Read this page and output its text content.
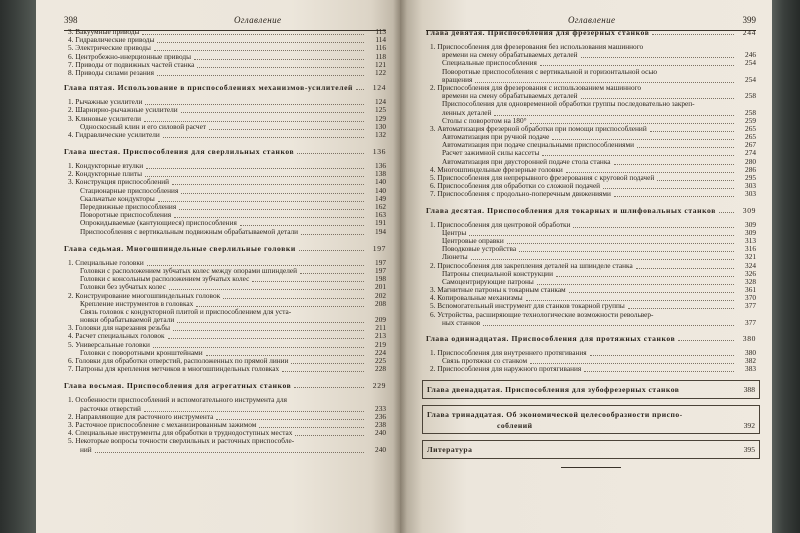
398	Оглавление
3. Вакуумные приводы	113
4. Гидравлические приводы	114
5. Электрические приводы	116
6. Центробежно-инерционные приводы	118
7. Приводы от подвижных частей станка	121
8. Приводы силами резания	122
Глава пятая. Использование в приспособлениях механизмов-усилителей	124
1. Рычажные усилители	124
2. Шарнирно-рычажные усилители	125
3. Клиновые усилители	129
Односкосный клин и его силовой расчет	130
4. Гидравлические усилители	132
Глава шестая. Приспособления для сверлильных станков	136
1. Кондукторные втулки	136
2. Кондукторные плиты	138
3. Конструкция приспособлений	140
Стационарные приспособления	140
Скальчатые кондукторы	149
Передвижные приспособления	162
Поворотные приспособления	163
Опрокидываемые (кантующиеся) приспособления	191
Приспособления с вертикальным подвижным обрабатываемой детали	194
Глава седьмая. Многошпиндельные сверлильные головки	197
1. Специальные головки	197
Головки с расположением зубчатых колес между опорами шпинделей	197
Головки с консольным расположением зубчатых колес	198
Головки без зубчатых колес	201
2. Конструирование многошпиндельных головок	202
Крепление инструментов в головках	208
Связь головок с кондукторной плитой и приспособлением для уста-
новки обрабатываемой детали	209
3. Головки для нарезания резьбы	211
4. Расчет специальных головок	213
5. Универсальные головки	219
Головки с поворотными кронштейнами	224
6. Головки для обработки отверстий, расположенных по прямой линии	225
7. Патроны для крепления метчиков в многошпиндельных головках	228
Глава восьмая. Приспособления для агрегатных станков	229
1. Особенности приспособлений и вспомогательного инструмента для
расточки отверстий	233
2. Направляющие для расточного инструмента	236
3. Расточное приспособление с механизированным зажимом	238
4. Специальные инструменты для обработки в труднодоступных местах	240
5. Некоторые вопросы точности сверлильных и расточных приспособле-
ний	240
Оглавление	399
Глава девятая. Приспособления для фрезерных станков	244
1. Приспособления для фрезерования без использования машинного
времени на смену обрабатываемых деталей	246
Специальные приспособления	254
Поворотные приспособления с вертикальной и горизонтальной осью
вращения	254
2. Приспособления для фрезерования с использованием машинного
времени на смену обрабатываемых деталей	258
Приспособления для одновременной обработки группы последовательно закреп-
ленных деталей	258
Столы с поворотом на 180°	259
3. Автоматизация фрезерной обработки при помощи приспособлений	265
Автоматизация при ручной подаче	265
Автоматизация при подаче специальными приспособлениями	267
Расчет зажимной силы кассеты	274
Автоматизация при двусторонней подаче стола станка	280
4. Многошпиндельные фрезерные головки	286
5. Приспособления для непрерывного фрезерования с круговой подачей	295
6. Приспособления для обработки со сложной подачей	303
7. Приспособления с продольно-поперечным движениями	303
Глава десятая. Приспособления для токарных и шлифовальных станков	309
1. Приспособления для центровой обработки	309
Центры	309
Центровые оправки	313
Поводковые устройства	316
Люнеты	321
2. Приспособления для закрепления деталей на шпинделе станка	324
Патроны специальной конструкции	326
Самоцентрирующие патроны	328
3. Магнитные патроны к токарным станкам	361
4. Копировальные механизмы	370
5. Вспомогательный инструмент для станков токарной группы	377
6. Устройства, расширяющие технологические возможности револьвер-
ных станков	377
Глава одиннадцатая. Приспособления для протяжных станков	380
1. Приспособления для внутреннего протягивания	380
Связь протяжки со станком	382
2. Приспособления для наружного протягивания	383
Глава двенадцатая. Приспособления для зубофрезерных станков	388
Глава тринадцатая. Об экономической целесообразности приспо-
соблений	392
Литература	395
